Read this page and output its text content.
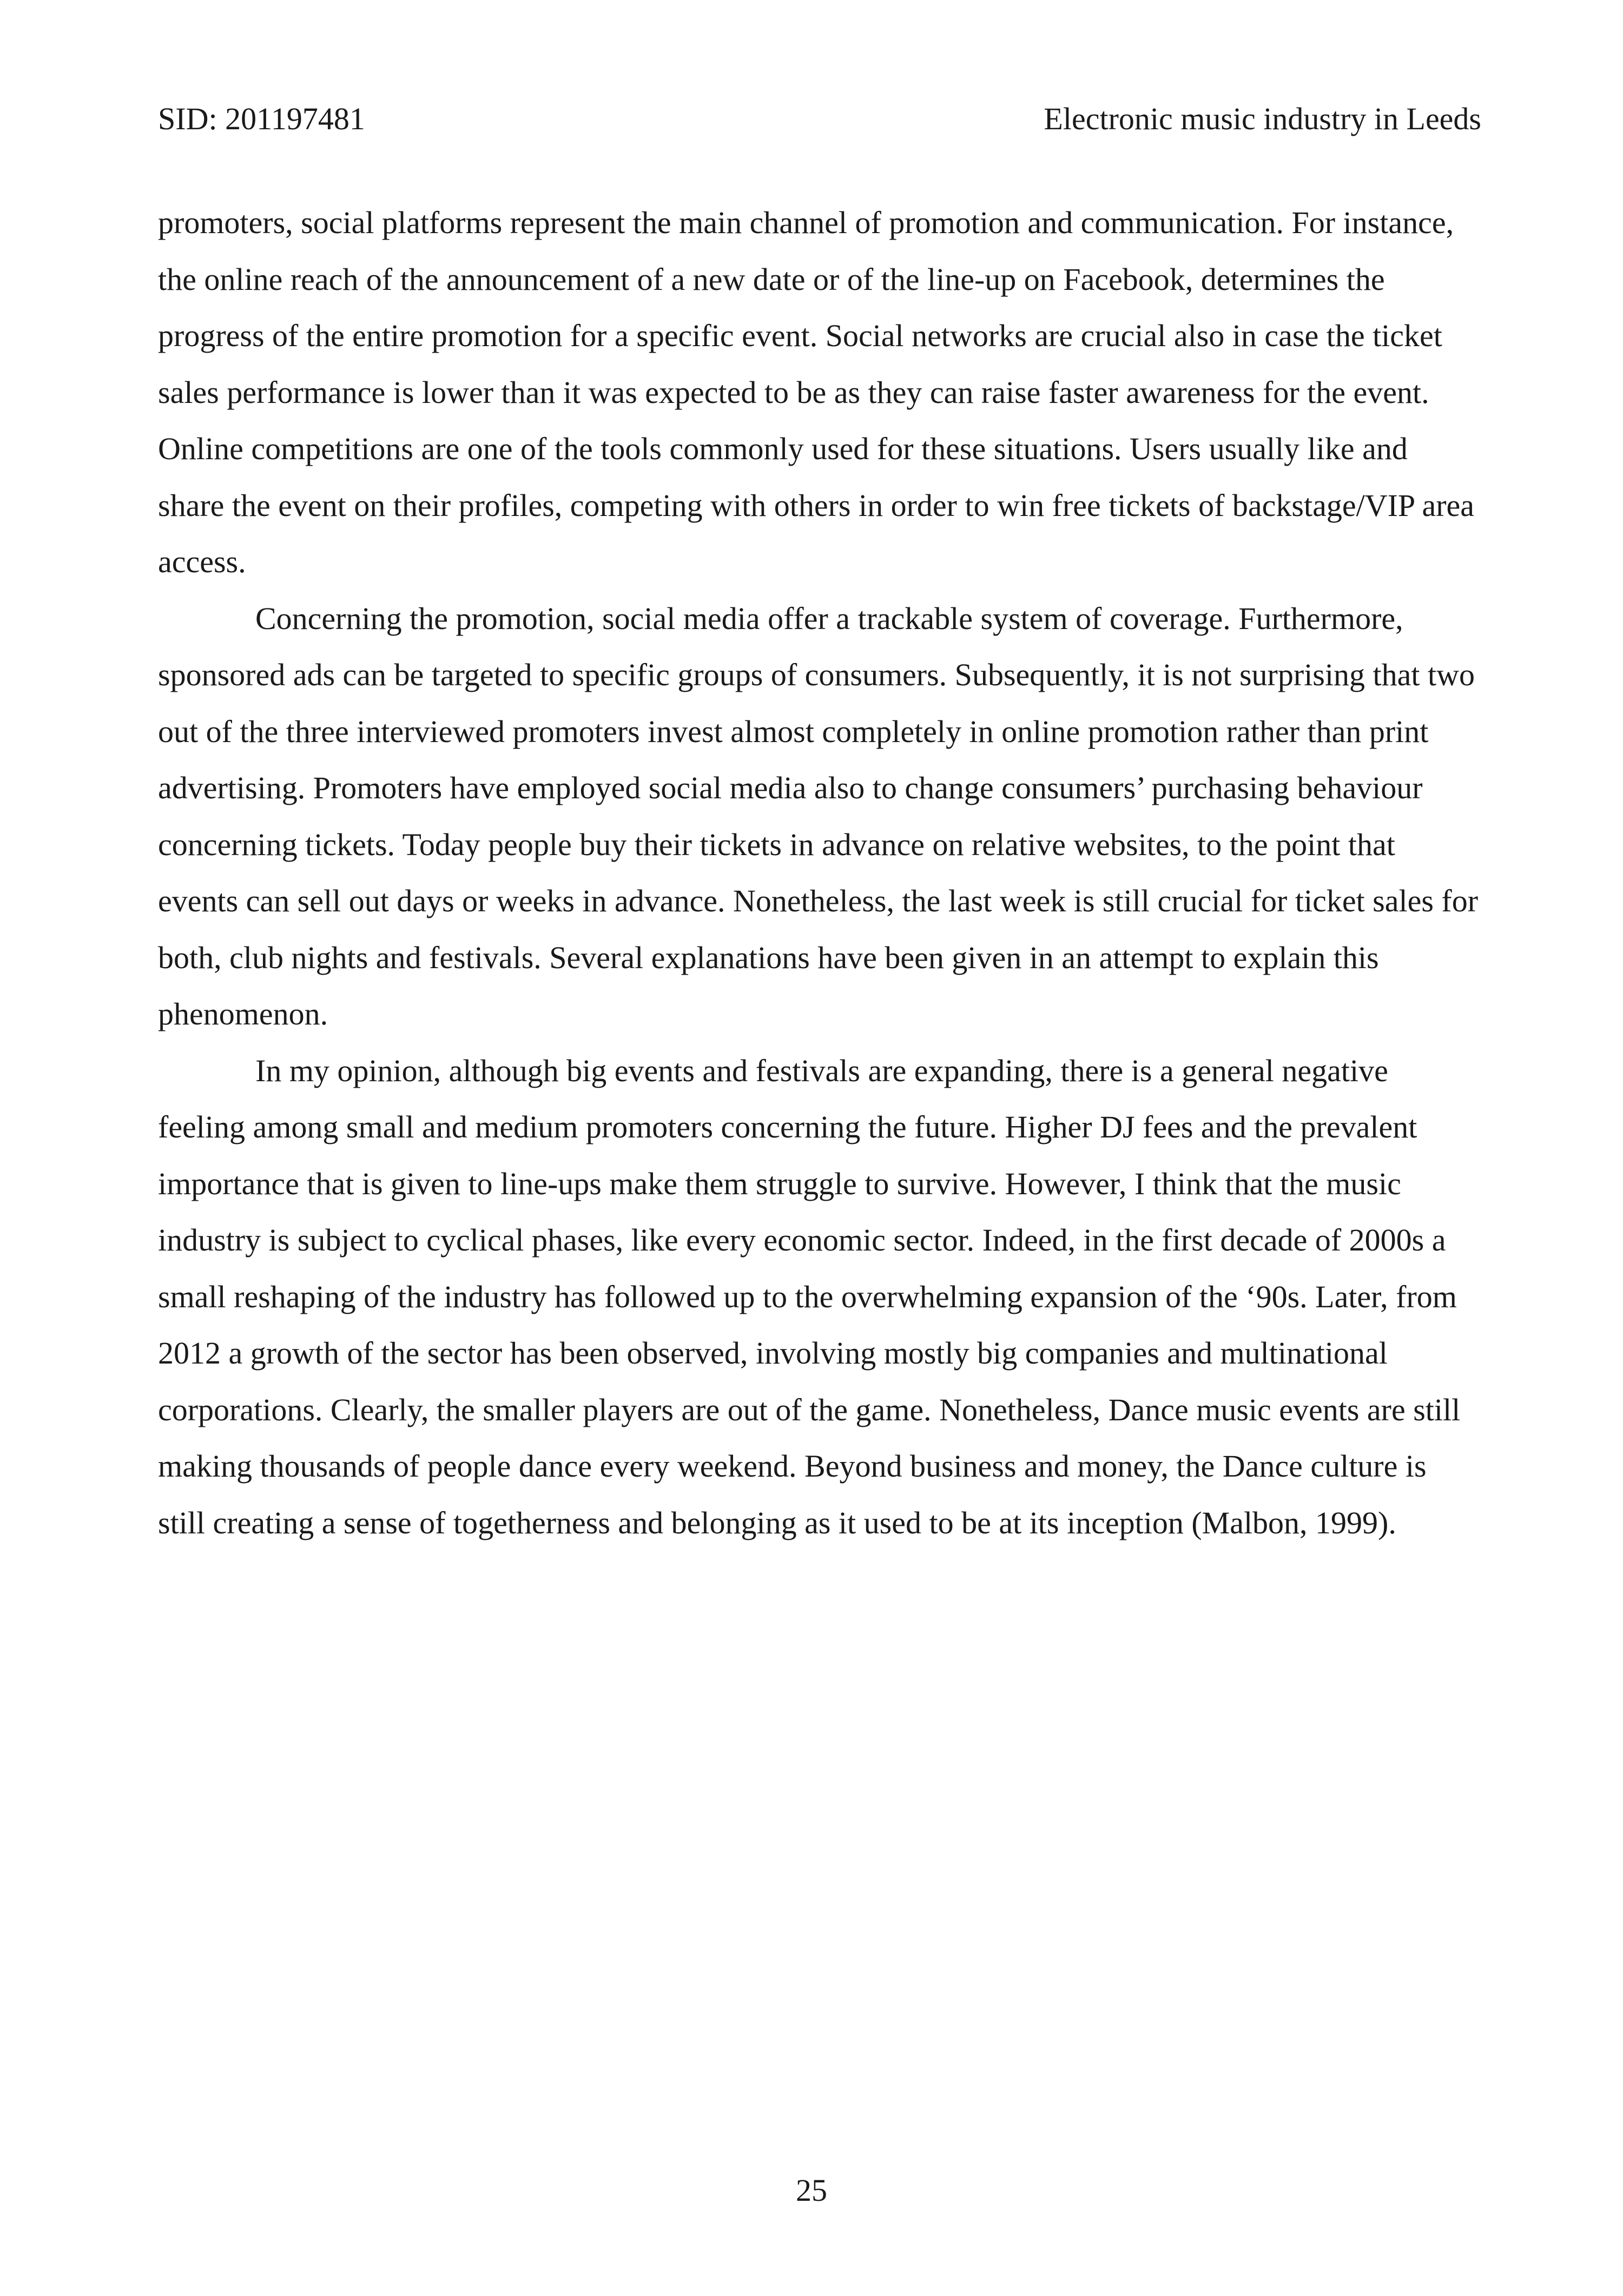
SID: 201197481	Electronic music industry in Leeds

promoters, social platforms represent the main channel of promotion and communication. For instance, the online reach of the announcement of a new date or of the line-up on Facebook, determines the progress of the entire promotion for a specific event. Social networks are crucial also in case the ticket sales performance is lower than it was expected to be as they can raise faster awareness for the event. Online competitions are one of the tools commonly used for these situations. Users usually like and share the event on their profiles, competing with others in order to win free tickets of backstage/VIP area access.

Concerning the promotion, social media offer a trackable system of coverage. Furthermore, sponsored ads can be targeted to specific groups of consumers. Subsequently, it is not surprising that two out of the three interviewed promoters invest almost completely in online promotion rather than print advertising. Promoters have employed social media also to change consumers’ purchasing behaviour concerning tickets. Today people buy their tickets in advance on relative websites, to the point that events can sell out days or weeks in advance. Nonetheless, the last week is still crucial for ticket sales for both, club nights and festivals. Several explanations have been given in an attempt to explain this phenomenon.

In my opinion, although big events and festivals are expanding, there is a general negative feeling among small and medium promoters concerning the future. Higher DJ fees and the prevalent importance that is given to line-ups make them struggle to survive. However, I think that the music industry is subject to cyclical phases, like every economic sector. Indeed, in the first decade of 2000s a small reshaping of the industry has followed up to the overwhelming expansion of the ‘90s. Later, from 2012 a growth of the sector has been observed, involving mostly big companies and multinational corporations. Clearly, the smaller players are out of the game. Nonetheless, Dance music events are still making thousands of people dance every weekend. Beyond business and money, the Dance culture is still creating a sense of togetherness and belonging as it used to be at its inception (Malbon, 1999).

25
